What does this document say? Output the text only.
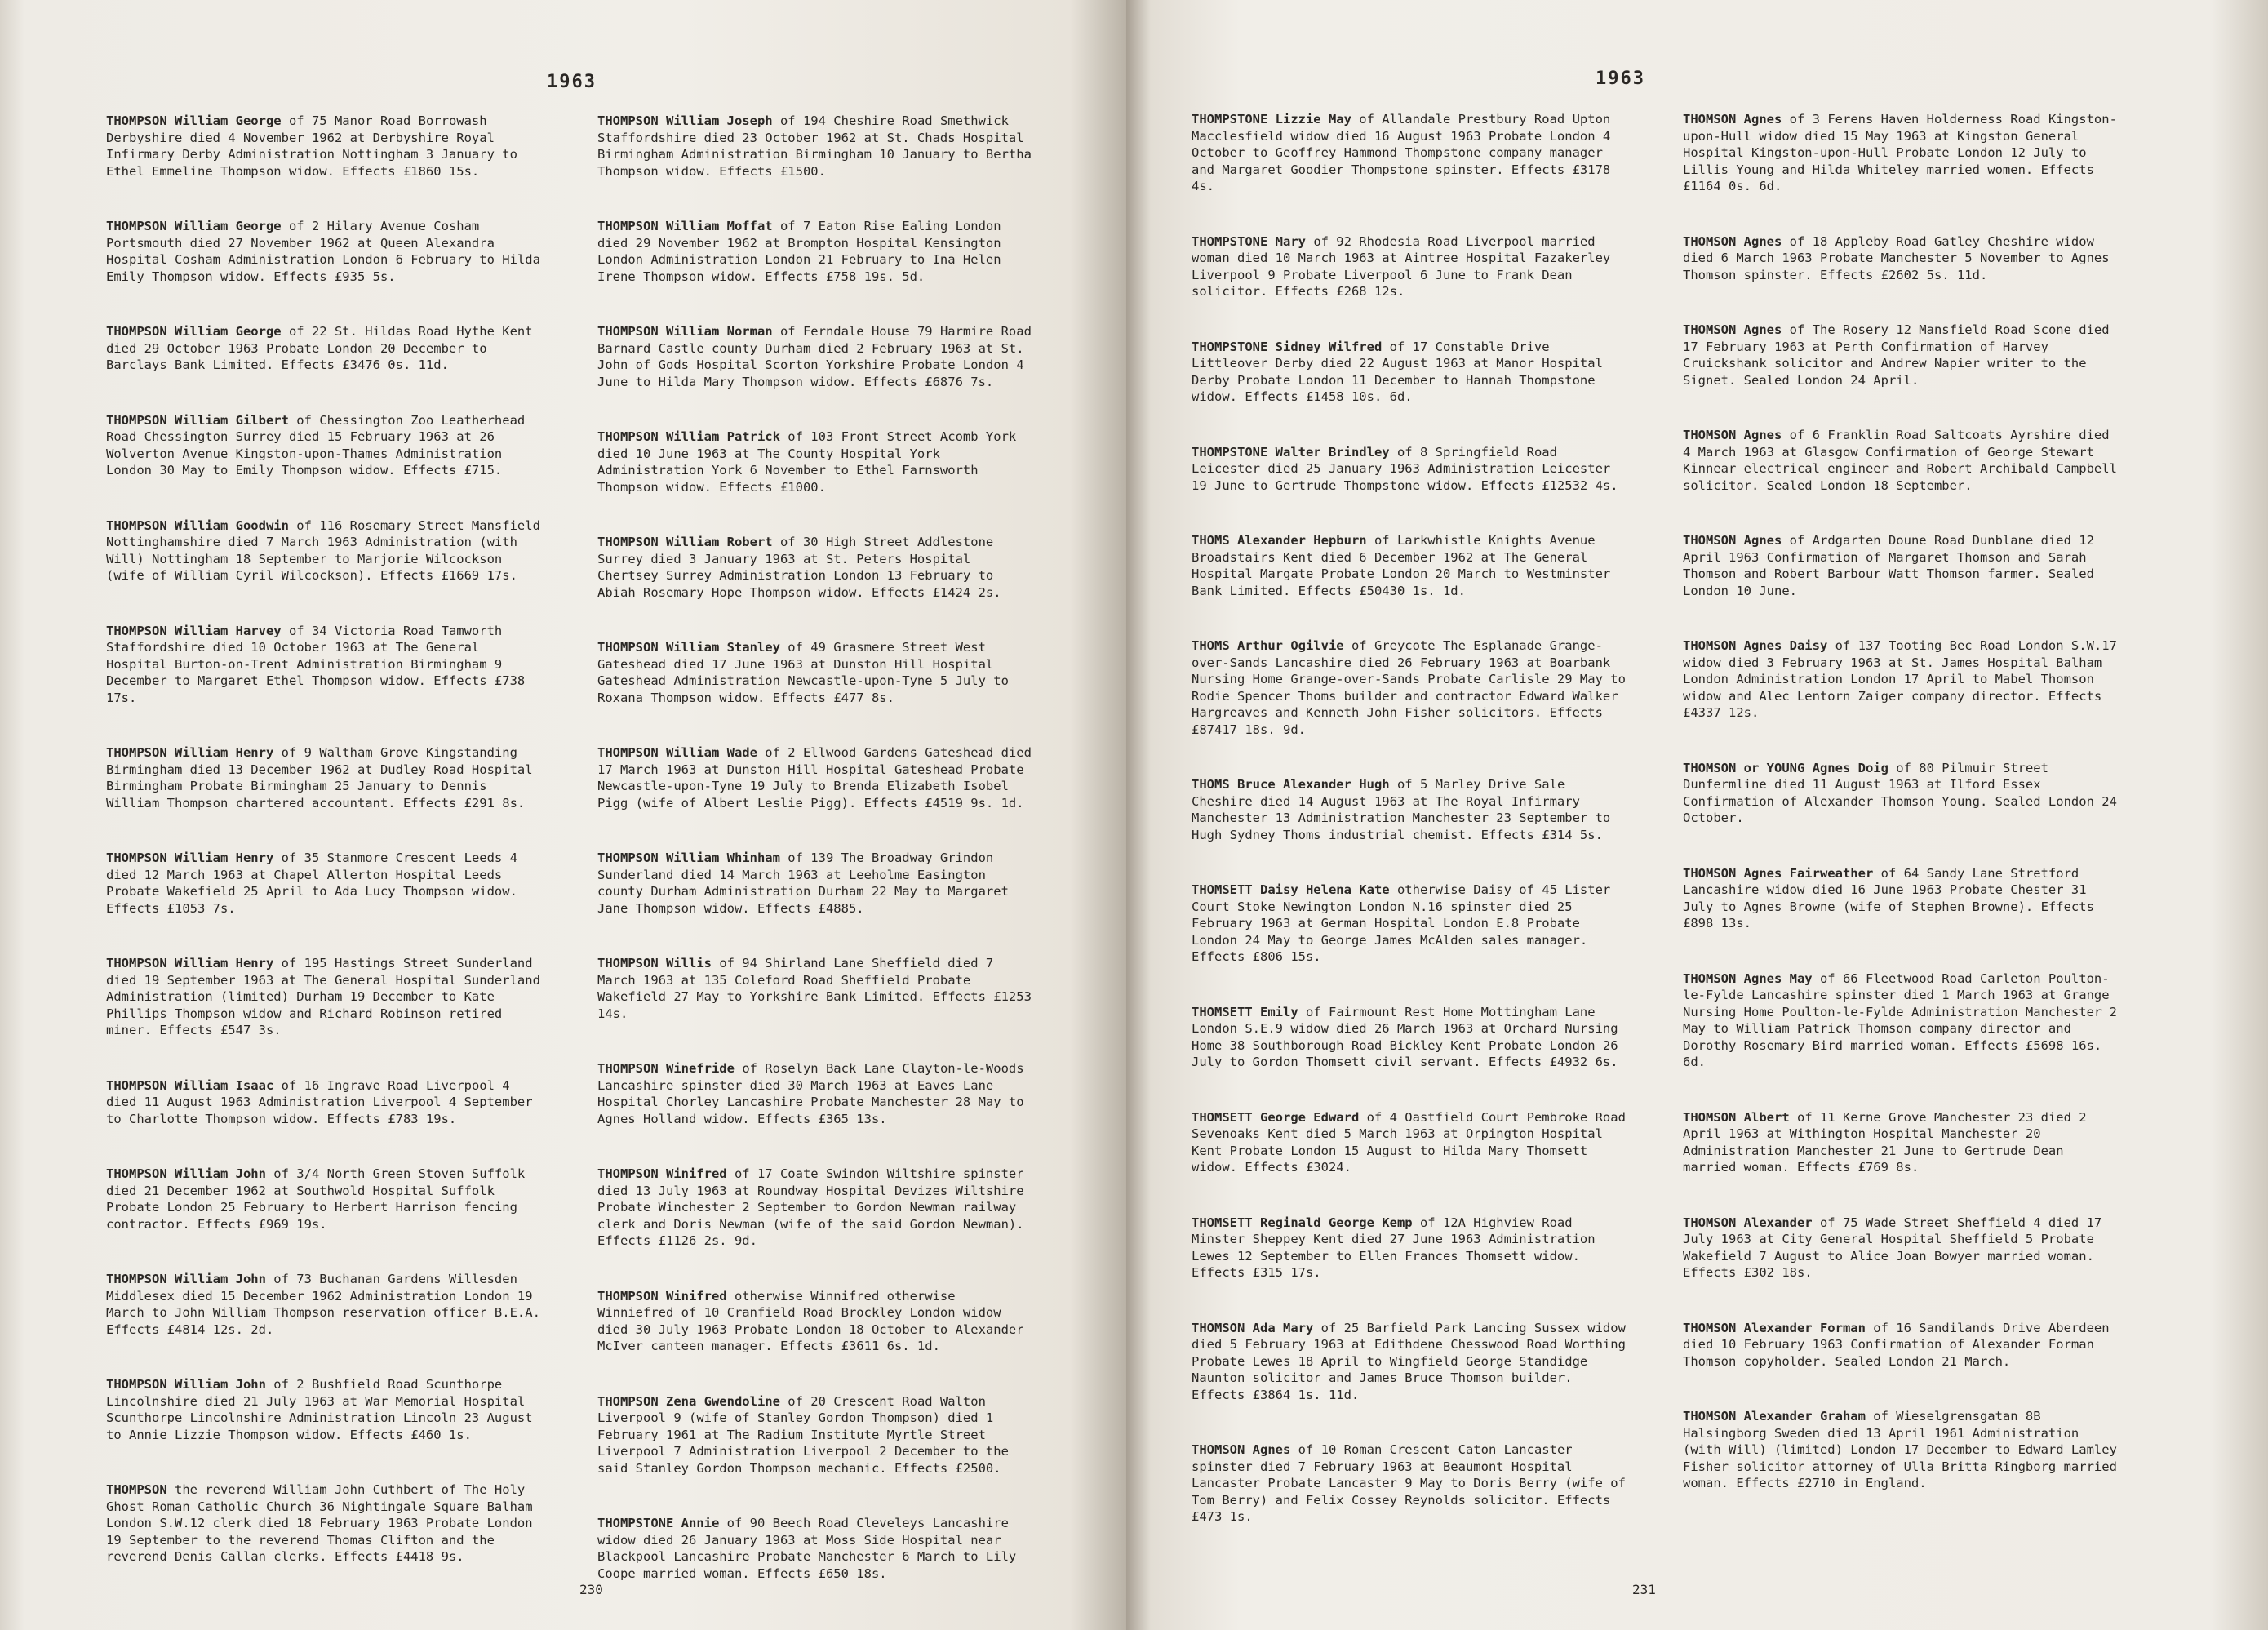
1963
THOMPSON William George of 75 Manor Road Borrowash Derbyshire died 4 November 1962 at Derbyshire Royal Infirmary Derby Administration Nottingham 3 January to Ethel Emmeline Thompson widow. Effects £1860 15s.
THOMPSON William George of 2 Hilary Avenue Cosham Portsmouth died 27 November 1962 at Queen Alexandra Hospital Cosham Administration London 6 February to Hilda Emily Thompson widow. Effects £935 5s.
THOMPSON William George of 22 St. Hildas Road Hythe Kent died 29 October 1963 Probate London 20 December to Barclays Bank Limited. Effects £3476 0s. 11d.
THOMPSON William Gilbert of Chessington Zoo Leatherhead Road Chessington Surrey died 15 February 1963 at 26 Wolverton Avenue Kingston-upon-Thames Administration London 30 May to Emily Thompson widow. Effects £715.
THOMPSON William Goodwin of 116 Rosemary Street Mansfield Nottinghamshire died 7 March 1963 Administration (with Will) Nottingham 18 September to Marjorie Wilcockson (wife of William Cyril Wilcockson). Effects £1669 17s.
THOMPSON William Harvey of 34 Victoria Road Tamworth Staffordshire died 10 October 1963 at The General Hospital Burton-on-Trent Administration Birmingham 9 December to Margaret Ethel Thompson widow. Effects £738 17s.
THOMPSON William Henry of 9 Waltham Grove Kingstanding Birmingham died 13 December 1962 at Dudley Road Hospital Birmingham Probate Birmingham 25 January to Dennis William Thompson chartered accountant. Effects £291 8s.
THOMPSON William Henry of 35 Stanmore Crescent Leeds 4 died 12 March 1963 at Chapel Allerton Hospital Leeds Probate Wakefield 25 April to Ada Lucy Thompson widow. Effects £1053 7s.
THOMPSON William Henry of 195 Hastings Street Sunderland died 19 September 1963 at The General Hospital Sunderland Administration (limited) Durham 19 December to Kate Phillips Thompson widow and Richard Robinson retired miner. Effects £547 3s.
THOMPSON William Isaac of 16 Ingrave Road Liverpool 4 died 11 August 1963 Administration Liverpool 4 September to Charlotte Thompson widow. Effects £783 19s.
THOMPSON William John of 3/4 North Green Stoven Suffolk died 21 December 1962 at Southwold Hospital Suffolk Probate London 25 February to Herbert Harrison fencing contractor. Effects £969 19s.
THOMPSON William John of 73 Buchanan Gardens Willesden Middlesex died 15 December 1962 Administration London 19 March to John William Thompson reservation officer B.E.A. Effects £4814 12s. 2d.
THOMPSON William John of 2 Bushfield Road Scunthorpe Lincolnshire died 21 July 1963 at War Memorial Hospital Scunthorpe Lincolnshire Administration Lincoln 23 August to Annie Lizzie Thompson widow. Effects £460 1s.
THOMPSON the reverend William John Cuthbert of The Holy Ghost Roman Catholic Church 36 Nightingale Square Balham London S.W.12 clerk died 18 February 1963 Probate London 19 September to the reverend Thomas Clifton and the reverend Denis Callan clerks. Effects £4418 9s.
THOMPSON William Joseph of 194 Cheshire Road Smethwick Staffordshire died 23 October 1962 at St. Chads Hospital Birmingham Administration Birmingham 10 January to Bertha Thompson widow. Effects £1500.
THOMPSON William Moffat of 7 Eaton Rise Ealing London died 29 November 1962 at Brompton Hospital Kensington London Administration London 21 February to Ina Helen Irene Thompson widow. Effects £758 19s. 5d.
THOMPSON William Norman of Ferndale House 79 Harmire Road Barnard Castle county Durham died 2 February 1963 at St. John of Gods Hospital Scorton Yorkshire Probate London 4 June to Hilda Mary Thompson widow. Effects £6876 7s.
THOMPSON William Patrick of 103 Front Street Acomb York died 10 June 1963 at The County Hospital York Administration York 6 November to Ethel Farnsworth Thompson widow. Effects £1000.
THOMPSON William Robert of 30 High Street Addlestone Surrey died 3 January 1963 at St. Peters Hospital Chertsey Surrey Administration London 13 February to Abiah Rosemary Hope Thompson widow. Effects £1424 2s.
THOMPSON William Stanley of 49 Grasmere Street West Gateshead died 17 June 1963 at Dunston Hill Hospital Gateshead Administration Newcastle-upon-Tyne 5 July to Roxana Thompson widow. Effects £477 8s.
THOMPSON William Wade of 2 Ellwood Gardens Gateshead died 17 March 1963 at Dunston Hill Hospital Gateshead Probate Newcastle-upon-Tyne 19 July to Brenda Elizabeth Isobel Pigg (wife of Albert Leslie Pigg). Effects £4519 9s. 1d.
THOMPSON William Whinham of 139 The Broadway Grindon Sunderland died 14 March 1963 at Leeholme Easington county Durham Administration Durham 22 May to Margaret Jane Thompson widow. Effects £4885.
THOMPSON Willis of 94 Shirland Lane Sheffield died 7 March 1963 at 135 Coleford Road Sheffield Probate Wakefield 27 May to Yorkshire Bank Limited. Effects £1253 14s.
THOMPSON Winefride of Roselyn Back Lane Clayton-le-Woods Lancashire spinster died 30 March 1963 at Eaves Lane Hospital Chorley Lancashire Probate Manchester 28 May to Agnes Holland widow. Effects £365 13s.
THOMPSON Winifred of 17 Coate Swindon Wiltshire spinster died 13 July 1963 at Roundway Hospital Devizes Wiltshire Probate Winchester 2 September to Gordon Newman railway clerk and Doris Newman (wife of the said Gordon Newman). Effects £1126 2s. 9d.
THOMPSON Winifred otherwise Winnifred otherwise Winniefred of 10 Cranfield Road Brockley London widow died 30 July 1963 Probate London 18 October to Alexander McIver canteen manager. Effects £3611 6s. 1d.
THOMPSON Zena Gwendoline of 20 Crescent Road Walton Liverpool 9 (wife of Stanley Gordon Thompson) died 1 February 1961 at The Radium Institute Myrtle Street Liverpool 7 Administration Liverpool 2 December to the said Stanley Gordon Thompson mechanic. Effects £2500.
THOMPSTONE Annie of 90 Beech Road Cleveleys Lancashire widow died 26 January 1963 at Moss Side Hospital near Blackpool Lancashire Probate Manchester 6 March to Lily Coope married woman. Effects £650 18s.
230
1963
THOMPSTONE Lizzie May of Allandale Prestbury Road Upton Macclesfield widow died 16 August 1963 Probate London 4 October to Geoffrey Hammond Thompstone company manager and Margaret Goodier Thompstone spinster. Effects £3178 4s.
THOMPSTONE Mary of 92 Rhodesia Road Liverpool married woman died 10 March 1963 at Aintree Hospital Fazakerley Liverpool 9 Probate Liverpool 6 June to Frank Dean solicitor. Effects £268 12s.
THOMPSTONE Sidney Wilfred of 17 Constable Drive Littleover Derby died 22 August 1963 at Manor Hospital Derby Probate London 11 December to Hannah Thompstone widow. Effects £1458 10s. 6d.
THOMPSTONE Walter Brindley of 8 Springfield Road Leicester died 25 January 1963 Administration Leicester 19 June to Gertrude Thompstone widow. Effects £12532 4s.
THOMS Alexander Hepburn of Larkwhistle Knights Avenue Broadstairs Kent died 6 December 1962 at The General Hospital Margate Probate London 20 March to Westminster Bank Limited. Effects £50430 1s. 1d.
THOMS Arthur Ogilvie of Greycote The Esplanade Grange-over-Sands Lancashire died 26 February 1963 at Boarbank Nursing Home Grange-over-Sands Probate Carlisle 29 May to Rodie Spencer Thoms builder and contractor Edward Walker Hargreaves and Kenneth John Fisher solicitors. Effects £87417 18s. 9d.
THOMS Bruce Alexander Hugh of 5 Marley Drive Sale Cheshire died 14 August 1963 at The Royal Infirmary Manchester 13 Administration Manchester 23 September to Hugh Sydney Thoms industrial chemist. Effects £314 5s.
THOMSETT Daisy Helena Kate otherwise Daisy of 45 Lister Court Stoke Newington London N.16 spinster died 25 February 1963 at German Hospital London E.8 Probate London 24 May to George James McAlden sales manager. Effects £806 15s.
THOMSETT Emily of Fairmount Rest Home Mottingham Lane London S.E.9 widow died 26 March 1963 at Orchard Nursing Home 38 Southborough Road Bickley Kent Probate London 26 July to Gordon Thomsett civil servant. Effects £4932 6s.
THOMSETT George Edward of 4 Oastfield Court Pembroke Road Sevenoaks Kent died 5 March 1963 at Orpington Hospital Kent Probate London 15 August to Hilda Mary Thomsett widow. Effects £3024.
THOMSETT Reginald George Kemp of 12A Highview Road Minster Sheppey Kent died 27 June 1963 Administration Lewes 12 September to Ellen Frances Thomsett widow. Effects £315 17s.
THOMSON Ada Mary of 25 Barfield Park Lancing Sussex widow died 5 February 1963 at Edithdene Chesswood Road Worthing Probate Lewes 18 April to Wingfield George Standidge Naunton solicitor and James Bruce Thomson builder. Effects £3864 1s. 11d.
THOMSON Agnes of 10 Roman Crescent Caton Lancaster spinster died 7 February 1963 at Beaumont Hospital Lancaster Probate Lancaster 9 May to Doris Berry (wife of Tom Berry) and Felix Cossey Reynolds solicitor. Effects £473 1s.
THOMSON Agnes of 3 Ferens Haven Holderness Road Kingston-upon-Hull widow died 15 May 1963 at Kingston General Hospital Kingston-upon-Hull Probate London 12 July to Lillis Young and Hilda Whiteley married women. Effects £1164 0s. 6d.
THOMSON Agnes of 18 Appleby Road Gatley Cheshire widow died 6 March 1963 Probate Manchester 5 November to Agnes Thomson spinster. Effects £2602 5s. 11d.
THOMSON Agnes of The Rosery 12 Mansfield Road Scone died 17 February 1963 at Perth Confirmation of Harvey Cruickshank solicitor and Andrew Napier writer to the Signet. Sealed London 24 April.
THOMSON Agnes of 6 Franklin Road Saltcoats Ayrshire died 4 March 1963 at Glasgow Confirmation of George Stewart Kinnear electrical engineer and Robert Archibald Campbell solicitor. Sealed London 18 September.
THOMSON Agnes of Ardgarten Doune Road Dunblane died 12 April 1963 Confirmation of Margaret Thomson and Sarah Thomson and Robert Barbour Watt Thomson farmer. Sealed London 10 June.
THOMSON Agnes Daisy of 137 Tooting Bec Road London S.W.17 widow died 3 February 1963 at St. James Hospital Balham London Administration London 17 April to Mabel Thomson widow and Alec Lentorn Zaiger company director. Effects £4337 12s.
THOMSON or YOUNG Agnes Doig of 80 Pilmuir Street Dunfermline died 11 August 1963 at Ilford Essex Confirmation of Alexander Thomson Young. Sealed London 24 October.
THOMSON Agnes Fairweather of 64 Sandy Lane Stretford Lancashire widow died 16 June 1963 Probate Chester 31 July to Agnes Browne (wife of Stephen Browne). Effects £898 13s.
THOMSON Agnes May of 66 Fleetwood Road Carleton Poulton-le-Fylde Lancashire spinster died 1 March 1963 at Grange Nursing Home Poulton-le-Fylde Administration Manchester 2 May to William Patrick Thomson company director and Dorothy Rosemary Bird married woman. Effects £5698 16s. 6d.
THOMSON Albert of 11 Kerne Grove Manchester 23 died 2 April 1963 at Withington Hospital Manchester 20 Administration Manchester 21 June to Gertrude Dean married woman. Effects £769 8s.
THOMSON Alexander of 75 Wade Street Sheffield 4 died 17 July 1963 at City General Hospital Sheffield 5 Probate Wakefield 7 August to Alice Joan Bowyer married woman. Effects £302 18s.
THOMSON Alexander Forman of 16 Sandilands Drive Aberdeen died 10 February 1963 Confirmation of Alexander Forman Thomson copyholder. Sealed London 21 March.
THOMSON Alexander Graham of Wieselgrensgatan 8B Halsingborg Sweden died 13 April 1961 Administration (with Will) (limited) London 17 December to Edward Lamley Fisher solicitor attorney of Ulla Britta Ringborg married woman. Effects £2710 in England.
231
